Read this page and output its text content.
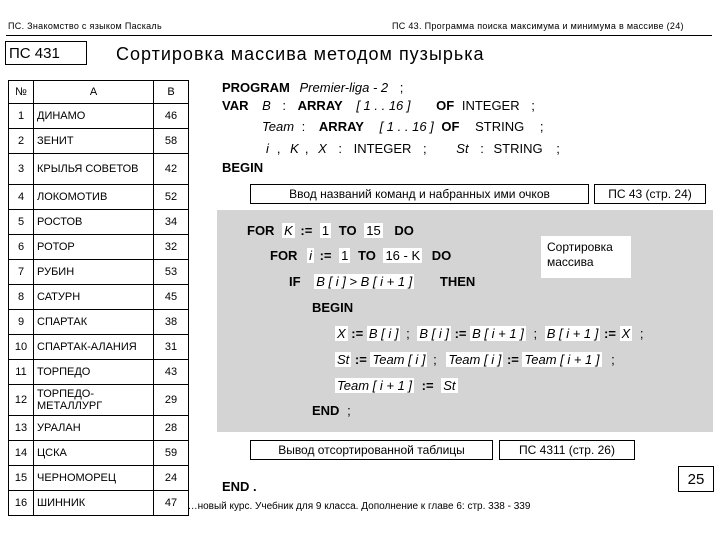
ПС. Знакомство с языком Паскаль	ПС 43. Программа поиска максимума и минимума в массиве (24)
ПС 431	Сортировка массива методом пузырька
№	A	B
1	ДИНАМО	46
2	ЗЕНИТ	58
3	КРЫЛЬЯ СОВЕТОВ	42
4	ЛОКОМОТИВ	52
5	РОСТОВ	34
6	РОТОР	32
7	РУБИН	53
8	САТУРН	45
9	СПАРТАК	38
10	СПАРТАК-АЛАНИЯ	31
11	ТОРПЕДО	43
12	ТОРПЕДО-МЕТАЛЛУРГ	29
13	УРАЛАН	28
14	ЦСКА	59
15	ЧЕРНОМОРЕЦ	24
16	ШИННИК	47
PROGRAM Premier-liga - 2 ;
VAR B : ARRAY [ 1 . . 16 ] OF INTEGER ;
Team : ARRAY [ 1 . . 16 ] OF STRING ;
i , K , X : INTEGER ; St : STRING ;
BEGIN
Ввод названий команд и набранных ими очков	ПС 43 (стр. 24)
FOR K := 1 TO 15 DO
FOR i := 1 TO 16 - K DO
Сортировка массива
IF B [ i ] > B [ i + 1 ] THEN
BEGIN
X := B [ i ] ; B [ i ] := B [ i + 1 ] ; B [ i + 1 ] := X ;
St := Team [ i ] ; Team [ i ] := Team [ i + 1 ] ;
Team [ i + 1 ] := St
END ;
Вывод отсортированной таблицы	ПС 4311 (стр. 26)
END .	25
…новый курс. Учебник для 9 класса. Дополнение к главе 6: стр. 338 - 339
